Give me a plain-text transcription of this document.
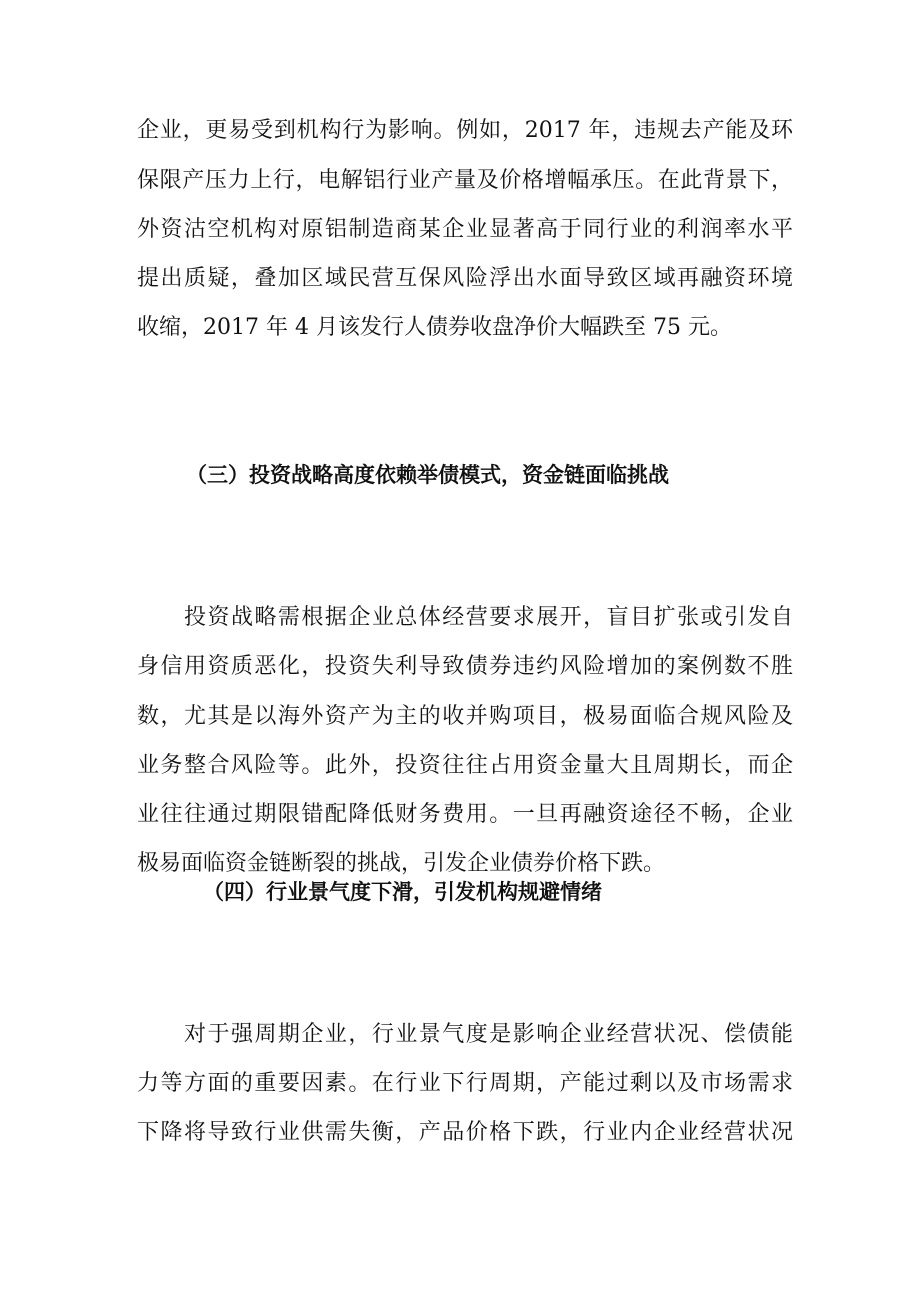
企业，更易受到机构行为影响。例如，2017 年，违规去产能及环
保限产压力上行，电解铝行业产量及价格增幅承压。在此背景下，
外资沽空机构对原铝制造商某企业显著高于同行业的利润率水平
提出质疑，叠加区域民营互保风险浮出水面导致区域再融资环境
收缩，2017 年 4 月该发行人债券收盘净价大幅跌至 75 元。
（三）投资战略高度依赖举债模式，资金链面临挑战
投资战略需根据企业总体经营要求展开，盲目扩张或引发自
身信用资质恶化，投资失利导致债券违约风险增加的案例数不胜
数，尤其是以海外资产为主的收并购项目，极易面临合规风险及
业务整合风险等。此外，投资往往占用资金量大且周期长，而企
业往往通过期限错配降低财务费用。一旦再融资途径不畅，企业
极易面临资金链断裂的挑战，引发企业债券价格下跌。
（四）行业景气度下滑，引发机构规避情绪
对于强周期企业，行业景气度是影响企业经营状况、偿债能
力等方面的重要因素。在行业下行周期，产能过剩以及市场需求
下降将导致行业供需失衡，产品价格下跌，行业内企业经营状况
